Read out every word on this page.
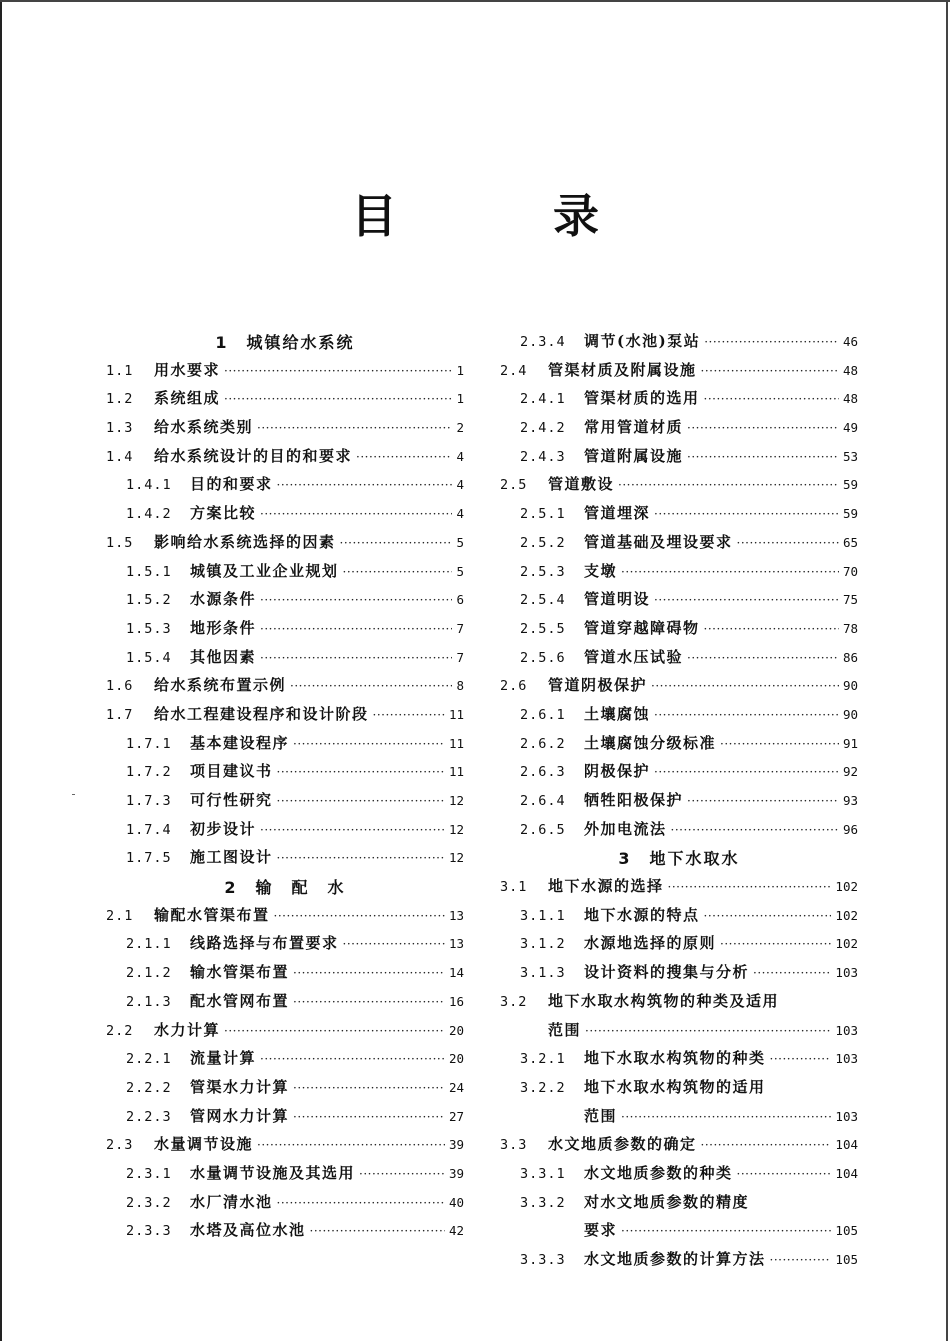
目 录
1　城镇给水系统
1.1	用水要求 ·····	1
1.2	系统组成 ·····	1
1.3	给水系统类别 ·····	2
1.4	给水系统设计的目的和要求 ·····	4
1.4.1	目的和要求 ·····	4
1.4.2	方案比较 ·····	4
1.5	影响给水系统选择的因素 ·····	5
1.5.1	城镇及工业企业规划 ·····	5
1.5.2	水源条件 ·····	6
1.5.3	地形条件 ·····	7
1.5.4	其他因素 ·····	7
1.6	给水系统布置示例 ·····	8
1.7	给水工程建设程序和设计阶段 ·····	11
1.7.1	基本建设程序 ·····	11
1.7.2	项目建议书 ·····	11
1.7.3	可行性研究 ·····	12
1.7.4	初步设计 ·····	12
1.7.5	施工图设计 ·····	12
2　输　配　水
2.1	输配水管渠布置 ·····	13
2.1.1	线路选择与布置要求 ·····	13
2.1.2	输水管渠布置 ·····	14
2.1.3	配水管网布置 ·····	16
2.2	水力计算 ·····	20
2.2.1	流量计算 ·····	20
2.2.2	管渠水力计算 ·····	24
2.2.3	管网水力计算 ·····	27
2.3	水量调节设施 ·····	39
2.3.1	水量调节设施及其选用 ·····	39
2.3.2	水厂清水池 ·····	40
2.3.3	水塔及高位水池 ·····	42
2.3.4	调节(水池)泵站 ·····	46
2.4	管渠材质及附属设施 ·····	48
2.4.1	管渠材质的选用 ·····	48
2.4.2	常用管道材质 ·····	49
2.4.3	管道附属设施 ·····	53
2.5	管道敷设 ·····	59
2.5.1	管道埋深 ·····	59
2.5.2	管道基础及埋设要求 ·····	65
2.5.3	支墩 ·····	70
2.5.4	管道明设 ·····	75
2.5.5	管道穿越障碍物 ·····	78
2.5.6	管道水压试验 ·····	86
2.6	管道阴极保护 ·····	90
2.6.1	土壤腐蚀 ·····	90
2.6.2	土壤腐蚀分级标准 ·····	91
2.6.3	阴极保护 ·····	92
2.6.4	牺牲阳极保护 ·····	93
2.6.5	外加电流法 ·····	96
3　地下水取水
3.1	地下水源的选择 ·····	102
3.1.1	地下水源的特点 ·····	102
3.1.2	水源地选择的原则 ·····	102
3.1.3	设计资料的搜集与分析 ·····	103
3.2	地下水取水构筑物的种类及适用
范围 ·····	103
3.2.1	地下水取水构筑物的种类 ·····	103
3.2.2	地下水取水构筑物的适用
范围 ·····	103
3.3	水文地质参数的确定 ·····	104
3.3.1	水文地质参数的种类 ·····	104
3.3.2	对水文地质参数的精度
要求 ·····	105
3.3.3	水文地质参数的计算方法 ·····	105
